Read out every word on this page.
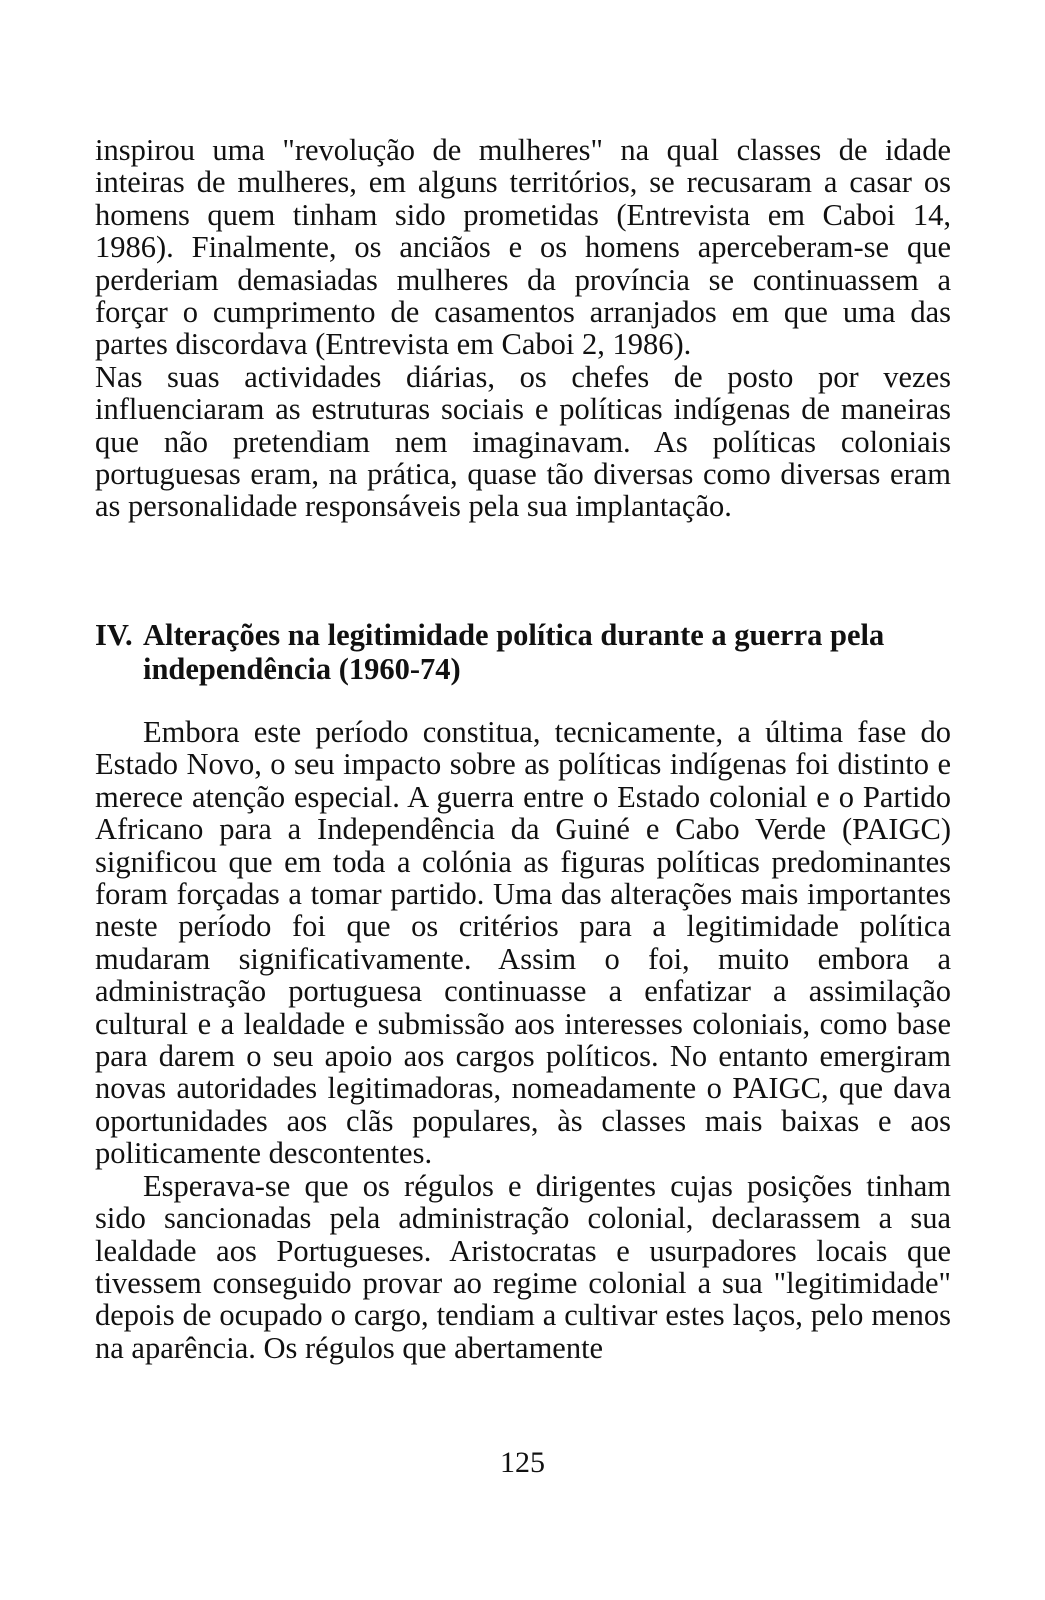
inspirou uma "revolução de mulheres" na qual classes de idade inteiras de mulheres, em alguns territórios, se recusaram a casar os homens quem tinham sido prometidas (Entrevista em Caboi 14, 1986). Finalmente, os anciãos e os homens aperceberam-se que perderiam demasiadas mulheres da província se continuassem a forçar o cumprimento de casamentos arranjados em que uma das partes discordava (Entrevista em Caboi 2, 1986).

Nas suas actividades diárias, os chefes de posto por vezes influenciaram as estruturas sociais e políticas indígenas de maneiras que não pretendiam nem imaginavam. As políticas coloniais portuguesas eram, na prática, quase tão diversas como diversas eram as personalidade responsáveis pela sua implantação.

IV. Alterações na legitimidade política durante a guerra pela independência (1960-74)

Embora este período constitua, tecnicamente, a última fase do Estado Novo, o seu impacto sobre as políticas indígenas foi distinto e merece atenção especial. A guerra entre o Estado colonial e o Partido Africano para a Independência da Guiné e Cabo Verde (PAIGC) significou que em toda a colónia as figuras políticas predominantes foram forçadas a tomar partido. Uma das alterações mais importantes neste período foi que os critérios para a legitimidade política mudaram significativamente. Assim o foi, muito embora a administração portuguesa continuasse a enfatizar a assimilação cultural e a lealdade e submissão aos interesses coloniais, como base para darem o seu apoio aos cargos políticos. No entanto emergiram novas autoridades legitimadoras, nomeadamente o PAIGC, que dava oportunidades aos clãs populares, às classes mais baixas e aos politicamente descontentes.

Esperava-se que os régulos e dirigentes cujas posições tinham sido sancionadas pela administração colonial, declarassem a sua lealdade aos Portugueses. Aristocratas e usurpadores locais que tivessem conseguido provar ao regime colonial a sua "legitimidade" depois de ocupado o cargo, tendiam a cultivar estes laços, pelo menos na aparência. Os régulos que abertamente

125
